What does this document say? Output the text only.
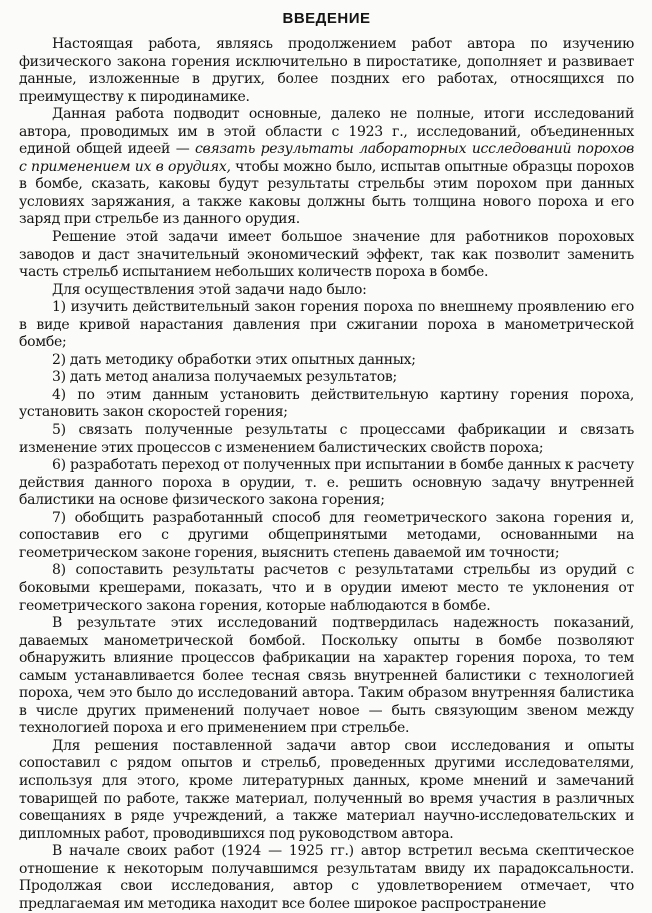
ВВЕДЕНИЕ

Настоящая работа, являясь продолжением работ автора по изучению физического закона горения исключительно в пиростатике, дополняет и развивает данные, изложенные в других, более поздних его работах, относящихся по преимуществу к пиродинамике.

Данная работа подводит основные, далеко не полные, итоги исследований автора, проводимых им в этой области с 1923 г., исследований, объединенных единой общей идеей — связать результаты лабораторных исследований порохов с применением их в орудиях, чтобы можно было, испытав опытные образцы порохов в бомбе, сказать, каковы будут результаты стрельбы этим порохом при данных условиях заряжания, а также каковы должны быть толщина нового пороха и его заряд при стрельбе из данного орудия.

Решение этой задачи имеет большое значение для работников пороховых заводов и даст значительный экономический эффект, так как позволит заменить часть стрельб испытанием небольших количеств пороха в бомбе.

Для осуществления этой задачи надо было:

1) изучить действительный закон горения пороха по внешнему проявлению его в виде кривой нарастания давления при сжигании пороха в манометрической бомбе;

2) дать методику обработки этих опытных данных;

3) дать метод анализа получаемых результатов;

4) по этим данным установить действительную картину горения пороха, установить закон скоростей горения;

5) связать полученные результаты с процессами фабрикации и связать изменение этих процессов с изменением балистических свойств пороха;

6) разработать переход от полученных при испытании в бомбе данных к расчету действия данного пороха в орудии, т. е. решить основную задачу внутренней балистики на основе физического закона горения;

7) обобщить разработанный способ для геометрического закона горения и, сопоставив его с другими общепринятыми методами, основанными на геометрическом законе горения, выяснить степень даваемой им точности;

8) сопоставить результаты расчетов с результатами стрельбы из орудий с боковыми крешерами, показать, что и в орудии имеют место те уклонения от геометрического закона горения, которые наблюдаются в бомбе.

В результате этих исследований подтвердилась надежность показаний, даваемых манометрической бомбой. Поскольку опыты в бомбе позволяют обнаружить влияние процессов фабрикации на характер горения пороха, то тем самым устанавливается более тесная связь внутренней балистики с технологией пороха, чем это было до исследований автора. Таким образом внутренняя балистика в числе других применений получает новое — быть связующим звеном между технологией пороха и его применением при стрельбе.

Для решения поставленной задачи автор свои исследования и опыты сопоставил с рядом опытов и стрельб, проведенных другими исследователями, используя для этого, кроме литературных данных, кроме мнений и замечаний товарищей по работе, также материал, полученный во время участия в различных совещаниях в ряде учреждений, а также материал научно-исследовательских и дипломных работ, проводившихся под руководством автора.

В начале своих работ (1924 — 1925 гг.) автор встретил весьма скептическое отношение к некоторым получавшимся результатам ввиду их парадоксальности. Продолжая свои исследования, автор с удовлетворением отмечает, что предлагаемая им методика находит все более широкое распространение
